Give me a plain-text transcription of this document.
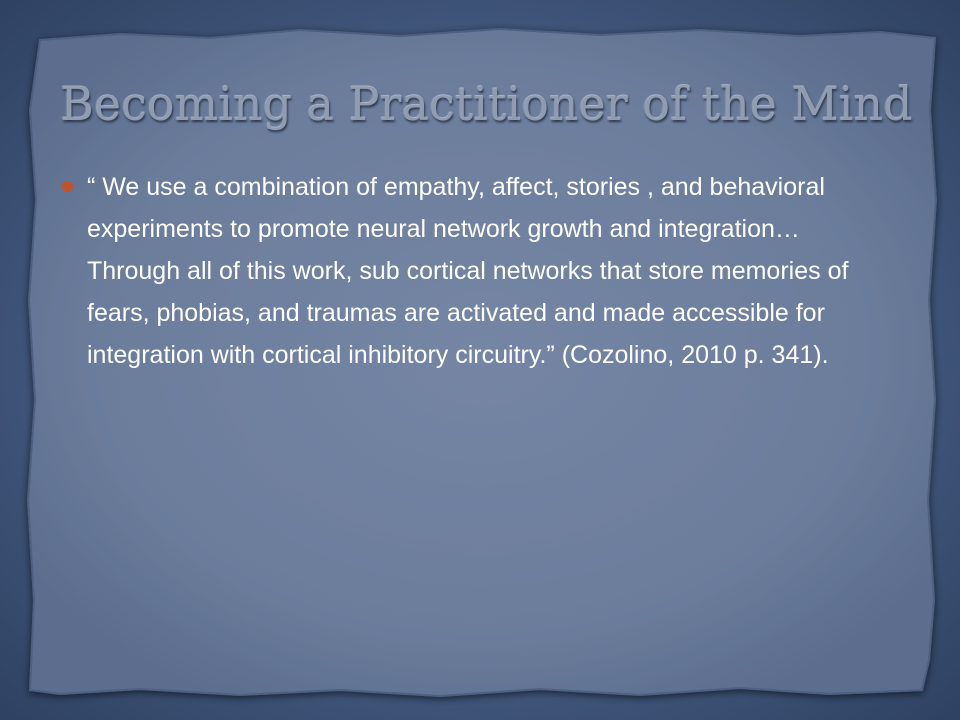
Becoming a Practitioner of the Mind
“ We use a combination of empathy, affect, stories , and behavioral experiments to promote neural network growth and integration…Through all of this work, sub cortical networks that store memories of fears, phobias, and traumas are activated and made accessible for integration with cortical inhibitory circuitry.” (Cozolino, 2010 p. 341).
